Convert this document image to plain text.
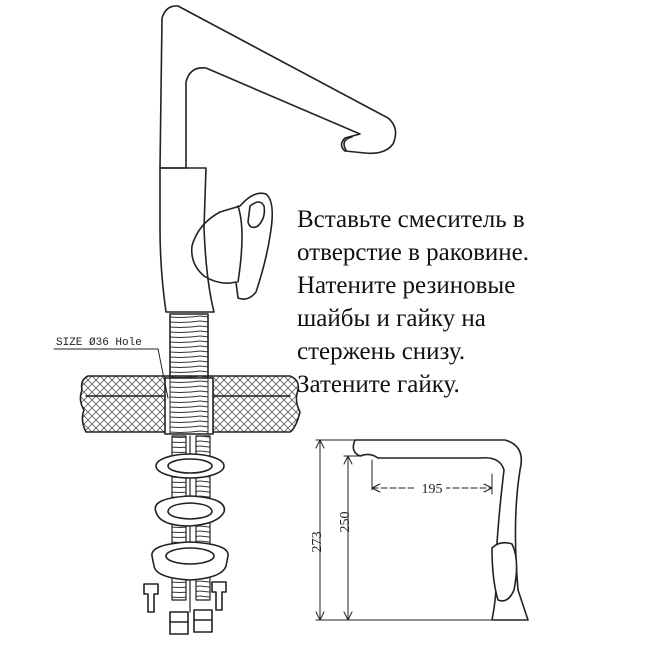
SIZE Ø36 Hole
273
250
195
Вставьте смеситель в
отверстие в раковине.
Натените резиновые
шайбы и гайку на
стержень снизу.
Затените гайку.
